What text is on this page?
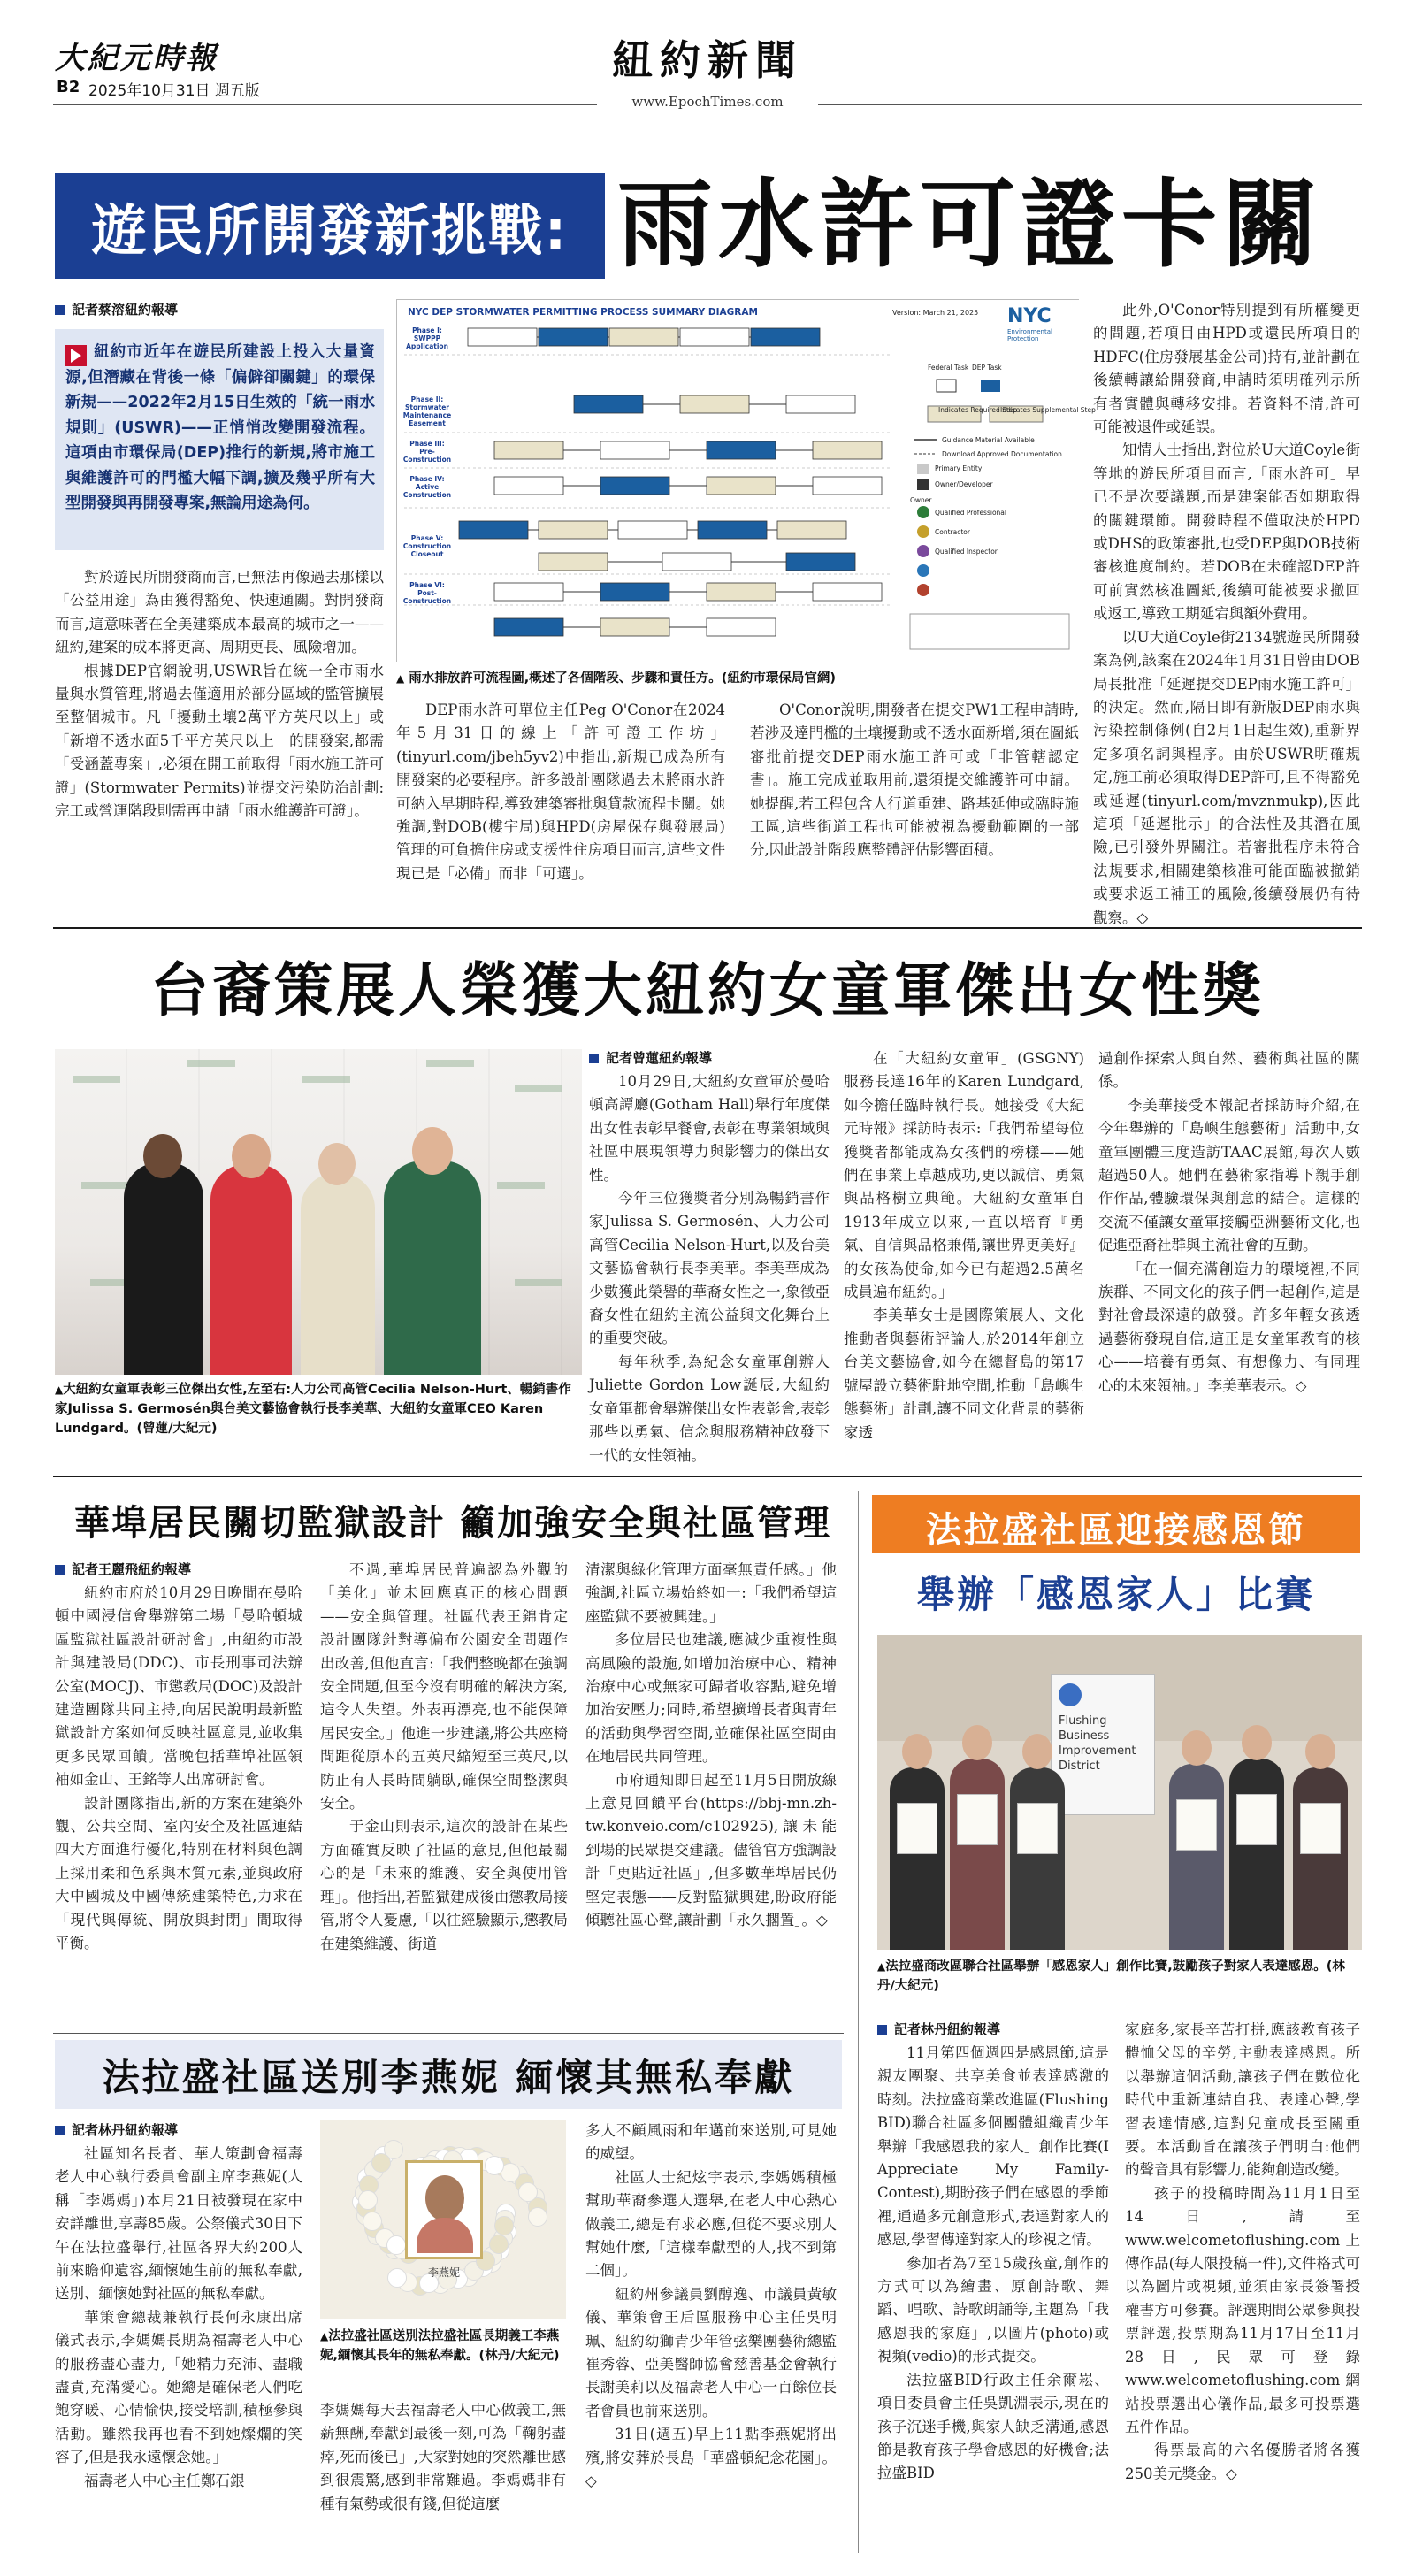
大紀元時報
B2 2025年10月31日 週五版
紐約新聞
www.EpochTimes.com
遊民所開發新挑戰: 雨水許可證卡關
記者蔡溶紐約報導
紐約市近年在遊民所建設上投入大量資源,但潛藏在背後一條「偏僻卻關鍵」的環保新規——2022年2月15日生效的「統一雨水規則」(USWR)——正悄悄改變開發流程。這項由市環保局(DEP)推行的新規,將市施工與維護許可的門檻大幅下調,擴及幾乎所有大型開發與再開發專案,無論用途為何。

對於遊民所開發商而言,已無法再像過去那樣以「公益用途」為由獲得豁免、快速通關。對開發商而言,這意味著在全美建築成本最高的城市之一——紐約,建案的成本將更高、周期更長、風險增加。

根據DEP官網說明,USWR旨在統一全市雨水量與水質管理,將過去僅適用於部分區域的監管擴展至整個城市。凡「擾動土壤2萬平方英尺以上」或「新增不透水面5千平方英尺以上」的開發案,都需「受涵蓋專案」,必須在開工前取得「雨水施工許可證」(Stormwater Permits)並提交污染防治計劃:完工或營運階段則需再申請「雨水維護許可證」。

NYC DEP STORMWATER PERMITTING PROCESS SUMMARY DIAGRAM	Version: March 21, 2025 NYC
Environmental Protection
Phase I: SWPPP Application
Phase II: Stormwater Maintenance Easement
Phase III: Pre-Construction
Phase IV: Active Construction
Phase V: Construction Closeout
Phase VI: Post-Construction
Federal Task DEP Task
Indicates Required Step
Indicates Supplemental Step
Guidance Material Available
Download Approved Documentation
Primary Entity
Owner/Developer
Owner
Qualified Professional
Contractor
Qualified Inspector
▲ 雨水排放許可流程圖,概述了各個階段、步驟和責任方。(紐約市環保局官網)

DEP雨水許可單位主任Peg O'Conor在2024年5月31日的線上「許可證工作坊」(tinyurl.com/jbeh5yv2)中指出,新規已成為所有開發案的必要程序。許多設計團隊過去未將雨水許可納入早期時程,導致建築審批與貸款流程卡關。她強調,對DOB(樓宇局)與HPD(房屋保存與發展局)管理的可負擔住房或支援性住房項目而言,這些文件現已是「必備」而非「可選」。

O'Conor說明,開發者在提交PW1工程申請時,若涉及達門檻的土壤擾動或不透水面新增,須在圖紙審批前提交DEP雨水施工許可或「非管轄認定書」。施工完成並取用前,還須提交維護許可申請。她提醒,若工程包含人行道重建、路基延伸或臨時施工區,這些街道工程也可能被視為擾動範圍的一部分,因此設計階段應整體評估影響面積。

此外,O'Conor特別提到有所權變更的問題,若項目由HPD或還民所項目的HDFC(住房發展基金公司)持有,並計劃在後續轉讓給開發商,申請時須明確列示所有者實體與轉移安排。若資料不清,許可可能被退件或延誤。

知情人士指出,對位於U大道Coyle街等地的遊民所項目而言,「雨水許可」早已不是次要議題,而是建案能否如期取得的關鍵環節。開發時程不僅取決於HPD或DHS的政策審批,也受DEP與DOB技術審核進度制約。若DOB在未確認DEP許可前實然核准圖紙,後續可能被要求撤回或返工,導致工期延宕與額外費用。

以U大道Coyle街2134號遊民所開發案為例,該案在2024年1月31日曾由DOB局長批准「延遲提交DEP雨水施工許可」的決定。然而,隔日即有新版DEP雨水與污染控制條例(自2月1日起生效),重新界定多項名詞與程序。由於USWR明確規定,施工前必須取得DEP許可,且不得豁免或延遲(tinyurl.com/mvznmukp),因此這項「延遲批示」的合法性及其潛在風險,已引發外界關注。若審批程序未符合法規要求,相關建築核准可能面臨被撤銷或要求返工補正的風險,後續發展仍有待觀察。◇

台裔策展人榮獲大紐約女童軍傑出女性獎
▲大紐約女童軍表彰三位傑出女性,左至右:人力公司高管Cecilia Nelson-Hurt、暢銷書作家Julissa S. Germosén與台美文藝協會執行長李美華、大紐約女童軍CEO Karen Lundgard。(曾蓮/大紀元)
記者曾蓮紐約報導

10月29日,大紐約女童軍於曼哈頓高譚廳(Gotham Hall)舉行年度傑出女性表彰早餐會,表彰在專業領域與社區中展現領導力與影響力的傑出女性。

今年三位獲獎者分別為暢銷書作家Julissa S. Germosén、人力公司高管Cecilia Nelson-Hurt,以及台美文藝協會執行長李美華。李美華成為少數獲此榮譽的華裔女性之一,象徵亞裔女性在紐約主流公益與文化舞台上的重要突破。

每年秋季,為紀念女童軍創辦人Juliette Gordon Low誕辰,大紐約女童軍都會舉辦傑出女性表彰會,表彰那些以勇氣、信念與服務精神啟發下一代的女性領袖。

在「大紐約女童軍」(GSGNY)服務長達16年的Karen Lundgard,如今擔任臨時執行長。她接受《大紀元時報》採訪時表示:「我們希望每位獲獎者都能成為女孩們的榜樣——她們在事業上卓越成功,更以誠信、勇氣與品格樹立典範。大紐約女童軍自1913年成立以來,一直以培育『勇氣、自信與品格兼備,讓世界更美好』的女孩為使命,如今已有超過2.5萬名成員遍布紐約。」

李美華女士是國際策展人、文化推動者與藝術評論人,於2014年創立台美文藝協會,如今在總督島的第17號屋設立藝術駐地空間,推動「島嶼生態藝術」計劃,讓不同文化背景的藝術家透

過創作探索人與自然、藝術與社區的關係。

李美華接受本報記者採訪時介紹,在今年舉辦的「島嶼生態藝術」活動中,女童軍團體三度造訪TAAC展館,每次人數超過50人。她們在藝術家指導下親手創作作品,體驗環保與創意的結合。這樣的交流不僅讓女童軍接觸亞洲藝術文化,也促進亞裔社群與主流社會的互動。

「在一個充滿創造力的環境裡,不同族群、不同文化的孩子們一起創作,這是對社會最深遠的啟發。許多年輕女孩透過藝術發現自信,這正是女童軍教育的核心——培養有勇氣、有想像力、有同理心的未來領袖。」李美華表示。◇

華埠居民關切監獄設計 籲加強安全與社區管理
記者王麗飛紐約報導

紐約市府於10月29日晚間在曼哈頓中國浸信會舉辦第二場「曼哈頓城區監獄社區設計研討會」,由紐約市設計與建設局(DDC)、市長刑事司法辦公室(MOCJ)、市懲教局(DOC)及設計建造團隊共同主持,向居民說明最新監獄設計方案如何反映社區意見,並收集更多民眾回饋。當晚包括華埠社區領袖如金山、王銘等人出席研討會。

設計團隊指出,新的方案在建築外觀、公共空間、室內安全及社區連結四大方面進行優化,特別在材料與色調上採用柔和色系與木質元素,並與政府大中國城及中國傳統建築特色,力求在「現代與傳統、開放與封閉」間取得平衡。

不過,華埠居民普遍認為外觀的「美化」並未回應真正的核心問題——安全與管理。社區代表王錦肯定設計團隊針對導偏布公園安全問題作出改善,但他直言:「我們整晚都在強調安全問題,但至今沒有明確的解決方案,這令人失望。外表再漂亮,也不能保障居民安全。」他進一步建議,將公共座椅間距從原本的五英尺縮短至三英尺,以防止有人長時間躺臥,確保空間整潔與安全。

于金山則表示,這次的設計在某些方面確實反映了社區的意見,但他最關心的是「未來的維護、安全與使用管理」。他指出,若監獄建成後由懲教局接管,將令人憂慮,「以往經驗顯示,懲教局在建築維護、街道

清潔與綠化管理方面毫無責任感。」他強調,社區立場始終如一:「我們希望這座監獄不要被興建。」

多位居民也建議,應減少重複性與高風險的設施,如增加治療中心、精神治療中心或無家可歸者收容點,避免增加治安壓力;同時,希望擴增長者與青年的活動與學習空間,並確保社區空間由在地居民共同管理。

市府通知即日起至11月5日開放線上意見回饋平台(https://bbj-mn.zh-tw.konveio.com/c102925),讓未能到場的民眾提交建議。儘管官方強調設計「更貼近社區」,但多數華埠居民仍堅定表態——反對監獄興建,盼政府能傾聽社區心聲,讓計劃「永久擱置」。◇

法拉盛社區送別李燕妮 緬懷其無私奉獻
記者林丹紐約報導

社區知名長者、華人策劃會福壽老人中心執行委員會副主席李燕妮(人稱「李媽媽」)本月21日被發現在家中安詳離世,享壽85歲。公祭儀式30日下午在法拉盛舉行,社區各界大約200人前來瞻仰遺容,緬懷她生前的無私奉獻,送別、緬懷她對社區的無私奉獻。

華策會總裁兼執行長何永康出席儀式表示,李媽媽長期為福壽老人中心的服務盡心盡力,「她精力充沛、盡職盡責,充滿愛心。她總是確保老人們吃飽穿暖、心情愉快,接受培訓,積極參與活動。雖然我再也看不到她燦爛的笑容了,但是我永遠懷念她。」

福壽老人中心主任鄭石銀

李燕妮
▲法拉盛社區送別法拉盛社區長期義工李燕妮,緬懷其長年的無私奉獻。(林丹/大紀元)

李媽媽每天去福壽老人中心做義工,無薪無酬,奉獻到最後一刻,可為「鞠躬盡瘁,死而後已」,大家對她的突然離世感到很震驚,感到非常難過。李媽媽非有種有氣勢或很有錢,但從這麼

多人不顧風雨和年邁前來送別,可見她的威望。

社區人士紀炫宇表示,李媽媽積極幫助華裔參選人選舉,在老人中心熱心做義工,總是有求必應,但從不要求別人幫她什麼,「這樣奉獻型的人,找不到第二個」。

紐約州參議員劉醇逸、市議員黃敏儀、華策會王后區服務中心主任吳明珮、紐約幼獅青少年管弦樂團藝術總監崔秀蓉、亞美醫師協會慈善基金會執行長謝美莉以及福壽老人中心一百餘位長者會員也前來送別。

31日(週五)早上11點李燕妮將出殯,將安葬於長島「華盛頓紀念花園」。◇

法拉盛社區迎接感恩節
舉辦「感恩家人」比賽
Flushing
Business
Improvement
District
▲法拉盛商改區聯合社區舉辦「感恩家人」創作比賽,鼓勵孩子對家人表達感恩。(林丹/大紀元)
記者林丹紐約報導

11月第四個週四是感恩節,這是親友團聚、共享美食並表達感激的時刻。法拉盛商業改進區(Flushing BID)聯合社區多個團體組織青少年舉辦「我感恩我的家人」創作比賽(I Appreciate My Family-Contest),期盼孩子們在感恩的季節裡,通過多元創意形式,表達對家人的感恩,學習傳達對家人的珍視之情。

參加者為7至15歲孩童,創作的方式可以為繪畫、原創詩歌、舞蹈、唱歌、詩歌朗誦等,主題為「我感恩我的家庭」,以圖片(photo)或視頻(vedio)的形式提交。

法拉盛BID行政主任余爾崧、項目委員會主任吳凱淵表示,現在的孩子沉迷手機,與家人缺乏溝通,感恩節是教育孩子學會感恩的好機會;法拉盛BID

家庭多,家長辛苦打拼,應該教育孩子體恤父母的辛勞,主動表達感恩。所以舉辦這個活動,讓孩子們在數位化時代中重新連結自我、表達心聲,學習表達情感,這對兒童成長至關重要。本活動旨在讓孩子們明白:他們的聲音具有影響力,能夠創造改變。

孩子的投稿時間為11月1日至14日,請至www.welcometoflushing.com上傳作品(每人限投稿一件),文件格式可以為圖片或視頻,並須由家長簽署授權書方可參賽。評選期間公眾參與投票評選,投票期為11月17日至11月28日,民眾可登錄www.welcometoflushing.com網站投票選出心儀作品,最多可投票選五件作品。

得票最高的六名優勝者將各獲250美元獎金。◇
